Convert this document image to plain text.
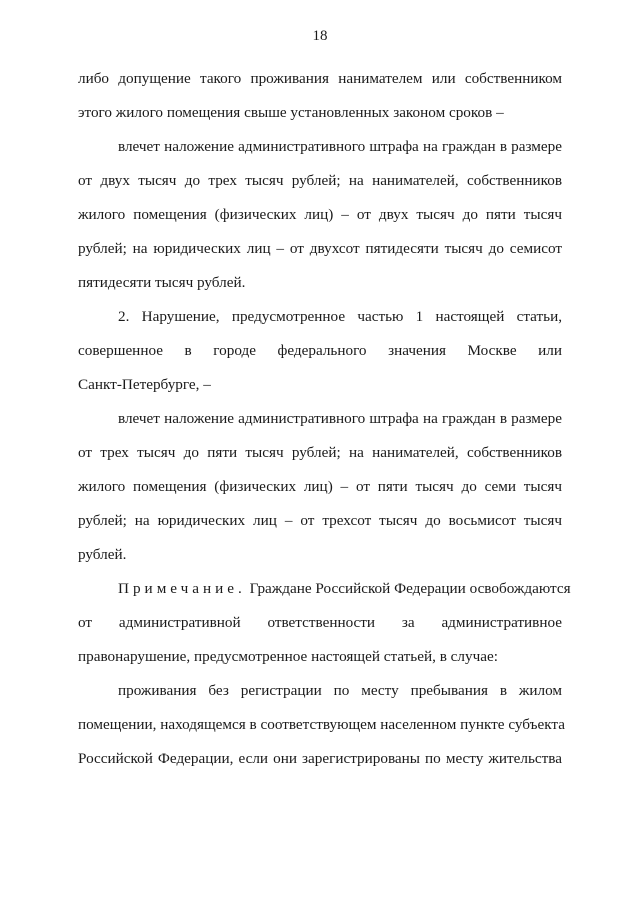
18
либо допущение такого проживания нанимателем или собственником
этого жилого помещения свыше установленных законом сроков –
влечет наложение административного штрафа на граждан в размере
от двух тысяч до трех тысяч рублей; на нанимателей, собственников
жилого помещения (физических лиц) – от двух тысяч до пяти тысяч
рублей; на юридических лиц – от двухсот пятидесяти тысяч до семисот
пятидесяти тысяч рублей.
2. Нарушение, предусмотренное частью 1 настоящей статьи,
совершенное в городе федерального значения Москве или
Санкт-Петербурге, –
влечет наложение административного штрафа на граждан в размере
от трех тысяч до пяти тысяч рублей; на нанимателей, собственников
жилого помещения (физических лиц) – от пяти тысяч до семи тысяч
рублей; на юридических лиц – от трехсот тысяч до восьмисот тысяч
рублей.
Примечание. Граждане Российской Федерации освобождаются
от административной ответственности за административное
правонарушение, предусмотренное настоящей статьей, в случае:
проживания без регистрации по месту пребывания в жилом
помещении, находящемся в соответствующем населенном пункте субъекта
Российской Федерации, если они зарегистрированы по месту жительства
